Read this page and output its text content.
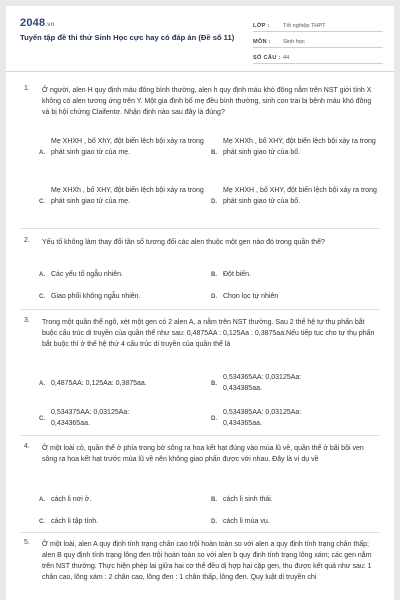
2048.vn
Tuyển tập đề thi thử Sinh Học cực hay có đáp án (Đề số 11)
LỚP :	Tốt nghiệp THPT
MÔN :	Sinh học
SỐ CÂU : 44
1. Ở người, alen H quy định máu đông bình thường, alen h quy định máu khó đông nằm trên NST giới tính X không có alen tương ứng trên Y. Một gia đình bố mẹ đều bình thường, sinh con trai bị bệnh máu khó đông và bị hội chứng Claifentơ. Nhận định nào sau đây là đúng?
A.
Mẹ XHXH , bố XhY, đột biến lệch bội xảy ra trong phát sinh giao tử của mẹ.	B.
Mẹ XHXh , bố XHY, đột biến lệch bội xảy ra trong phát sinh giao tử của bố.
C.
Mẹ XHXh , bố XHY, đột biến lệch bội xảy ra trong phát sinh giao tử của mẹ.	D.
Mẹ XHXH , bố XHY, đột biến lệch bội xảy ra trong phát sinh giao tử của bố.
2. Yếu tố không làm thay đổi tần số tương đối các alen thuộc một gen nào đó trong quần thể?
A. Các yếu tố ngẫu nhiên.	B. Đột biến.
C. Giao phối không ngẫu nhiên.	D. Chọn lọc tự nhiên
3. Trong một quần thể ngô, xét một gen có 2 alen A, a nằm trên NST thường. Sau 2 thế hệ tự thụ phấn bắt buộc cấu trúc di truyền của quần thể như sau: 0,4875AA : 0,125Aa : 0,3875aa.Nếu tiếp tục cho tự thụ phấn bắt buộc thì ở thế hệ thứ 4 cấu trúc di truyền của quần thể là
A. 0,4875AA: 0,125Aa: 0,3875aa.	B.
0,534365AA: 0,03125Aa: 0,434385aa.
C.
0,534375AA: 0,03125Aa: 0,434365aa.
D.
0,534385AA: 0,03125Aa: 0,434365aa.
4. Ở một loài cỏ, quần thể ở phía trong bờ sông ra hoa kết hạt đúng vào mùa lũ về, quần thể ở bãi bồi ven sông ra hoa kết hạt trước mùa lũ về nên không giao phấn được với nhau. Đây là ví dụ về
A. cách li nơi ở.	B. cách li sinh thái.
C. cách li tập tính.	D. cách li mùa vụ.
5. Ở một loài, alen A quy định tính trạng chân cao trội hoàn toàn so với alen a quy định tính trạng chân thấp; alen B quy định tính trạng lông đen trội hoàn toàn so với alen b quy định tính trạng lông xám; các gen nằm trên NST thường. Thực hiện phép lai giữa hai cơ thể đều dị hợp hai cặp gen, thu được kết quả như sau: 1 chân cao, lông xám : 2 chân cao, lông đen : 1 chân thấp, lông đen. Quy luật di truyền chi
